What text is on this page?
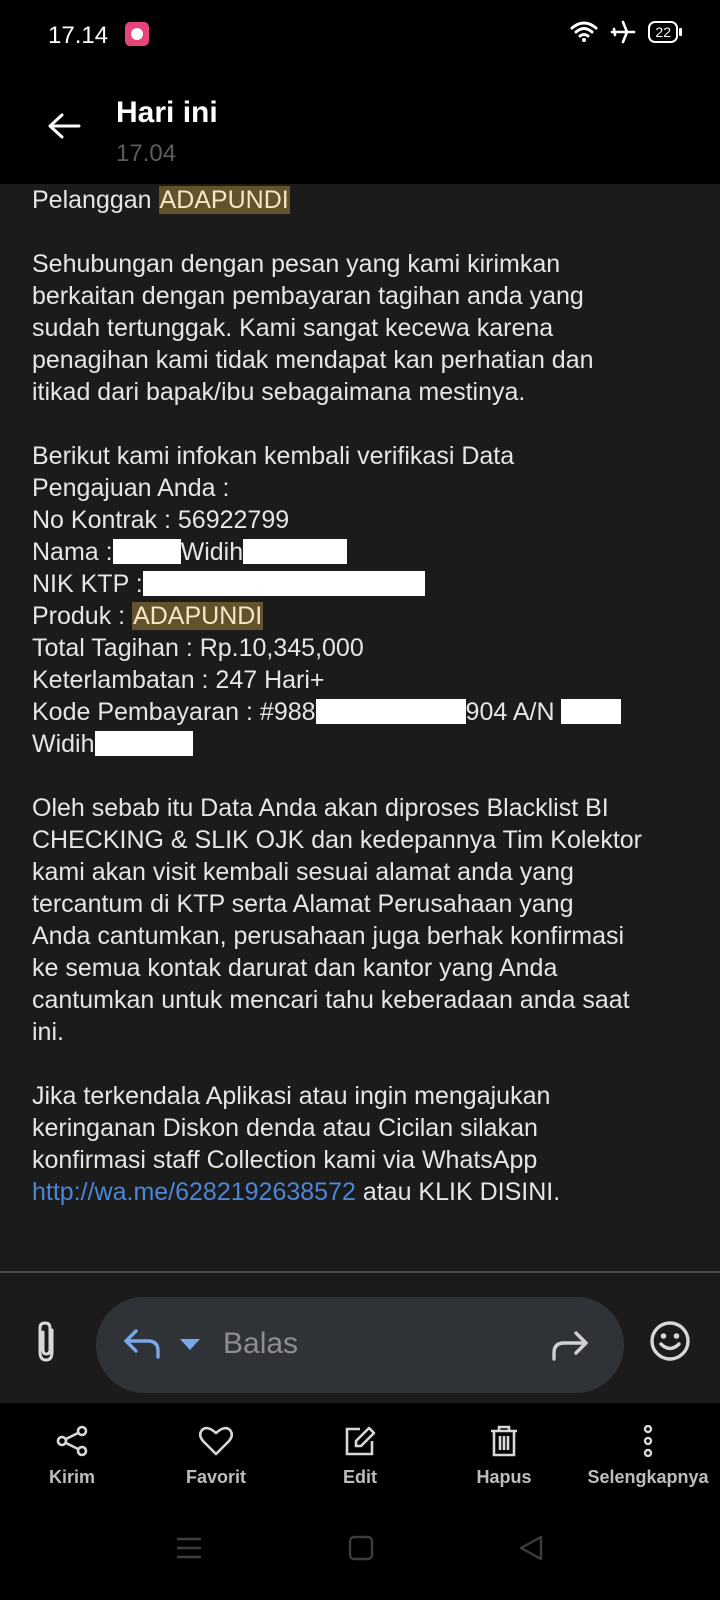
17.14	22
Hari ini
17.04
Pelanggan ADAPUNDI
Sehubungan dengan pesan yang kami kirimkan
berkaitan dengan pembayaran tagihan anda yang
sudah tertunggak. Kami sangat kecewa karena
penagihan kami tidak mendapat kan perhatian dan
itikad dari bapak/ibu sebagaimana mestinya.
Berikut kami infokan kembali verifikasi Data
Pengajuan Anda :
No Kontrak : 56922799
Nama :	Widih
NIK KTP :
Produk : ADAPUNDI
Total Tagihan : Rp.10,345,000
Keterlambatan : 247 Hari+
Kode Pembayaran : #988	904 A/N
Widih
Oleh sebab itu Data Anda akan diproses Blacklist BI
CHECKING & SLIK OJK dan kedepannya Tim Kolektor
kami akan visit kembali sesuai alamat anda yang
tercantum di KTP serta Alamat Perusahaan yang
Anda cantumkan, perusahaan juga berhak konfirmasi
ke semua kontak darurat dan kantor yang Anda
cantumkan untuk mencari tahu keberadaan anda saat
ini.
Jika terkendala Aplikasi atau ingin mengajukan
keringanan Diskon denda atau Cicilan silakan
konfirmasi staff Collection kami via WhatsApp
http://wa.me/6282192638572 atau KLIK DISINI.
Balas
Kirim	Favorit	Edit	Hapus	Selengkapnya
